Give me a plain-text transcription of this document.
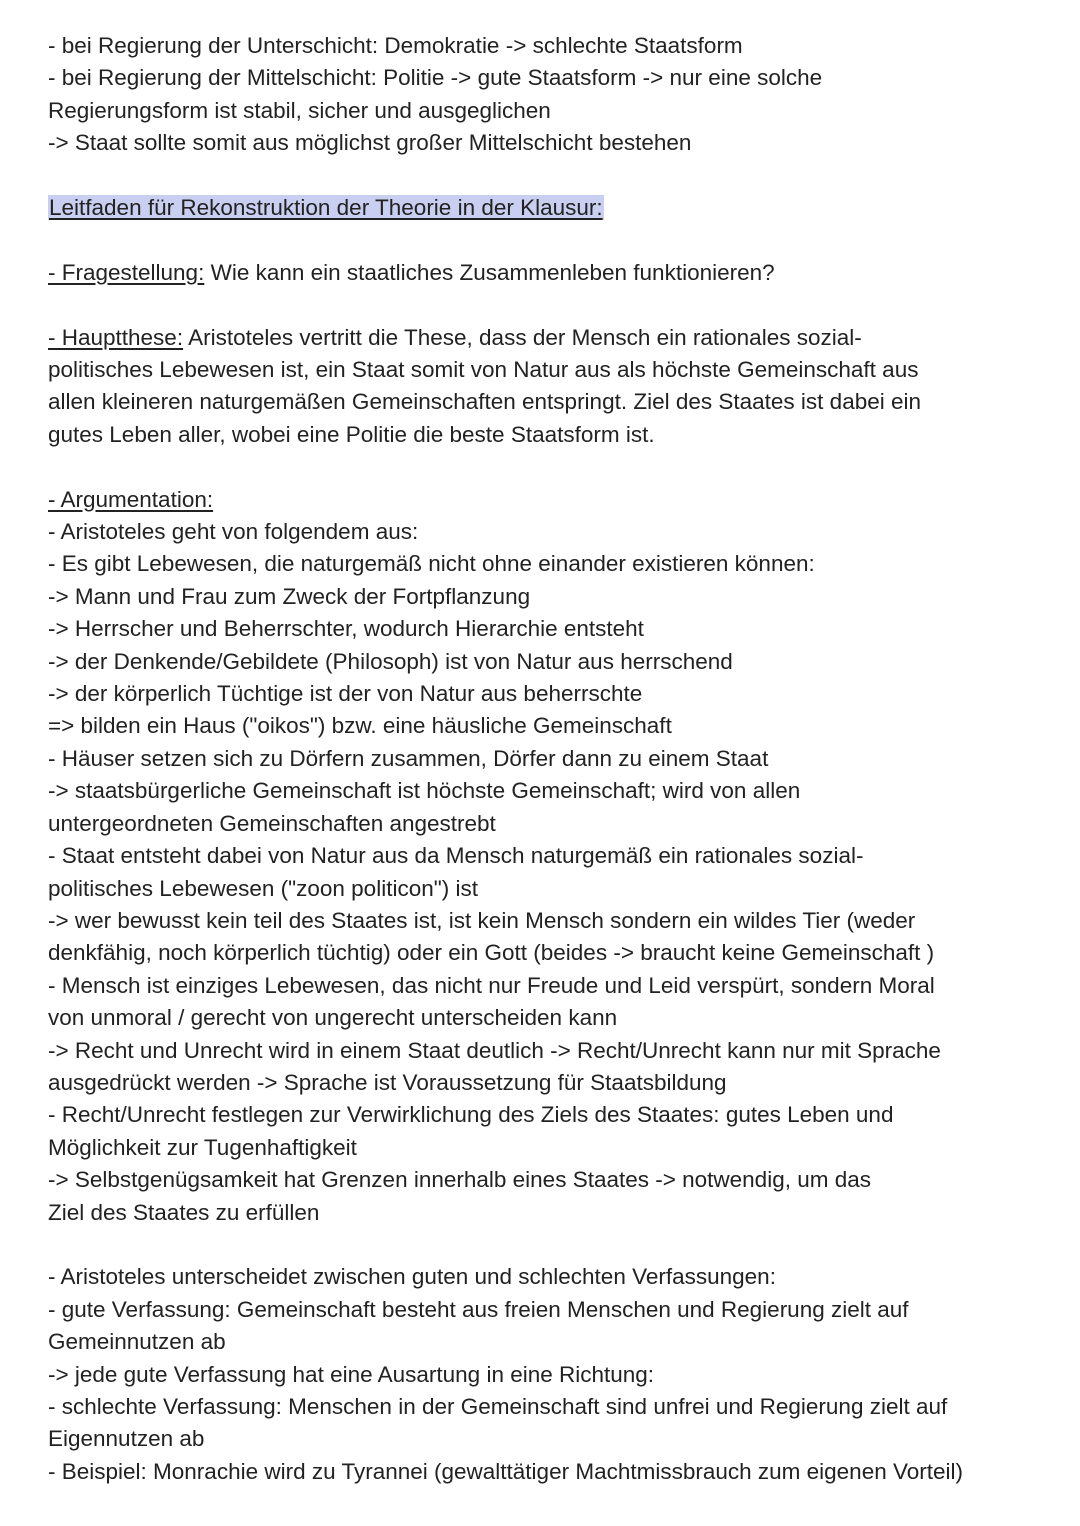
- bei Regierung der Unterschicht: Demokratie -> schlechte Staatsform

- bei Regierung der Mittelschicht: Politie -> gute Staatsform -> nur eine solche

Regierungsform ist stabil, sicher und ausgeglichen

-> Staat sollte somit aus möglichst großer Mittelschicht bestehen

Leitfaden für Rekonstruktion der Theorie in der Klausur:

- Fragestellung: Wie kann ein staatliches Zusammenleben funktionieren?

- Hauptthese: Aristoteles vertritt die These, dass der Mensch ein rationales sozial-

politisches Lebewesen ist, ein Staat somit von Natur aus als höchste Gemeinschaft aus

allen kleineren naturgemäßen Gemeinschaften entspringt. Ziel des Staates ist dabei ein

gutes Leben aller, wobei eine Politie die beste Staatsform ist.

- Argumentation:

- Aristoteles geht von folgendem aus:

- Es gibt Lebewesen, die naturgemäß nicht ohne einander existieren können:

-> Mann und Frau zum Zweck der Fortpflanzung

-> Herrscher und Beherrschter, wodurch Hierarchie entsteht

-> der Denkende/Gebildete (Philosoph) ist von Natur aus herrschend

-> der körperlich Tüchtige ist der von Natur aus beherrschte

=> bilden ein Haus ("oikos") bzw. eine häusliche Gemeinschaft

- Häuser setzen sich zu Dörfern zusammen, Dörfer dann zu einem Staat

-> staatsbürgerliche Gemeinschaft ist höchste Gemeinschaft; wird von allen

untergeordneten Gemeinschaften angestrebt

- Staat entsteht dabei von Natur aus da Mensch naturgemäß ein rationales sozial-

politisches Lebewesen ("zoon politicon") ist

-> wer bewusst kein teil des Staates ist, ist kein Mensch sondern ein wildes Tier (weder

denkfähig, noch körperlich tüchtig) oder ein Gott (beides -> braucht keine Gemeinschaft )

- Mensch ist einziges Lebewesen, das nicht nur Freude und Leid verspürt, sondern Moral

von unmoral / gerecht von ungerecht unterscheiden kann

-> Recht und Unrecht wird in einem Staat deutlich -> Recht/Unrecht kann nur mit Sprache

ausgedrückt werden -> Sprache ist Voraussetzung für Staatsbildung

- Recht/Unrecht festlegen zur Verwirklichung des Ziels des Staates: gutes Leben und

Möglichkeit zur Tugenhaftigkeit

-> Selbstgenügsamkeit hat Grenzen innerhalb eines Staates -> notwendig, um das

Ziel des Staates zu erfüllen

- Aristoteles unterscheidet zwischen guten und schlechten Verfassungen:

- gute Verfassung: Gemeinschaft besteht aus freien Menschen und Regierung zielt auf

Gemeinnutzen ab

-> jede gute Verfassung hat eine Ausartung in eine Richtung:

- schlechte Verfassung: Menschen in der Gemeinschaft sind unfrei und Regierung zielt auf

Eigennutzen ab

- Beispiel: Monrachie wird zu Tyrannei (gewalttätiger Machtmissbrauch zum eigenen Vorteil)
